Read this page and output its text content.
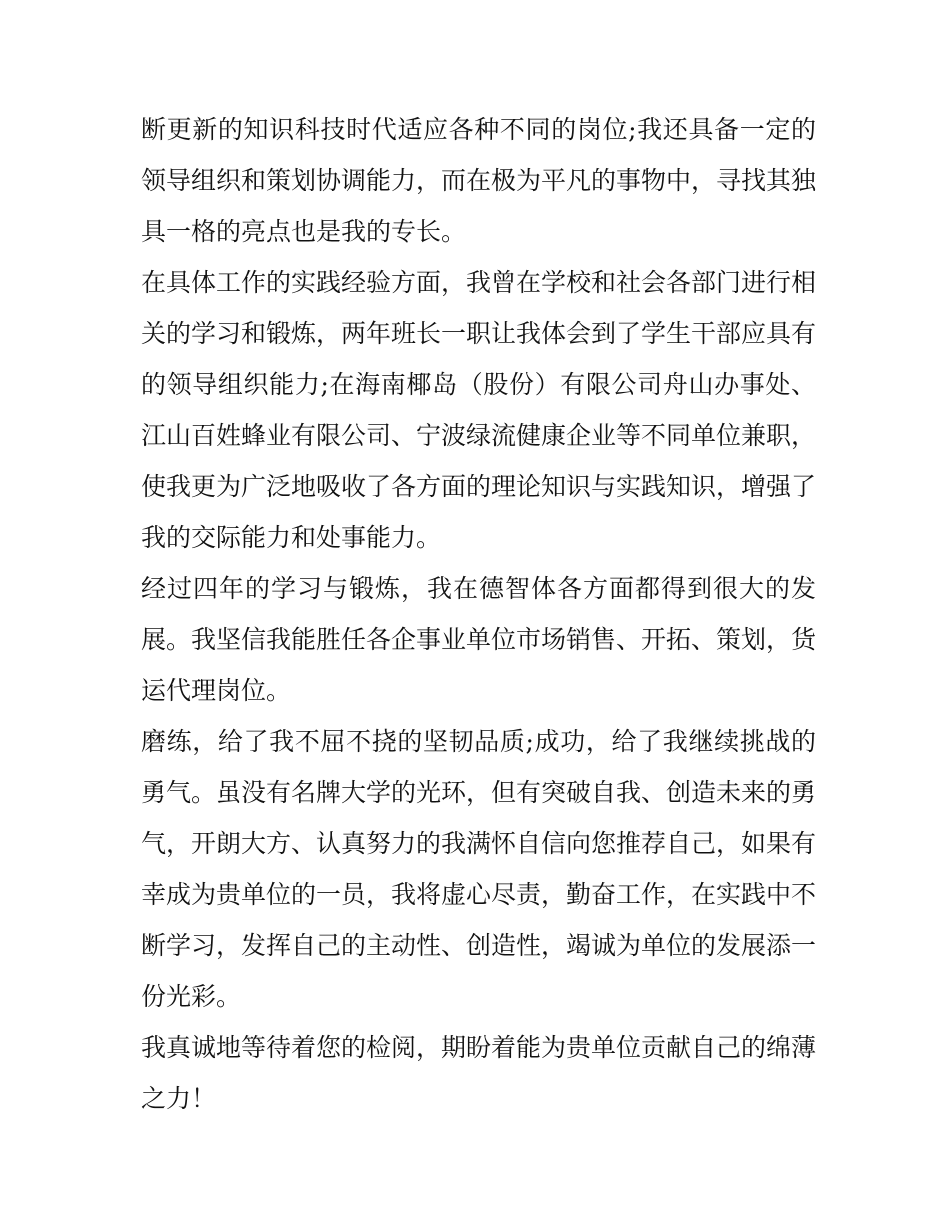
断更新的知识科技时代适应各种不同的岗位;我还具备一定的
领导组织和策划协调能力，而在极为平凡的事物中，寻找其独
具一格的亮点也是我的专长。
在具体工作的实践经验方面，我曾在学校和社会各部门进行相
关的学习和锻炼，两年班长一职让我体会到了学生干部应具有
的领导组织能力;在海南椰岛（股份）有限公司舟山办事处、
江山百姓蜂业有限公司、宁波绿流健康企业等不同单位兼职，
使我更为广泛地吸收了各方面的理论知识与实践知识，增强了
我的交际能力和处事能力。
经过四年的学习与锻炼，我在德智体各方面都得到很大的发
展。我坚信我能胜任各企事业单位市场销售、开拓、策划，货
运代理岗位。
磨练，给了我不屈不挠的坚韧品质;成功，给了我继续挑战的
勇气。虽没有名牌大学的光环，但有突破自我、创造未来的勇
气，开朗大方、认真努力的我满怀自信向您推荐自己，如果有
幸成为贵单位的一员，我将虚心尽责，勤奋工作，在实践中不
断学习，发挥自己的主动性、创造性，竭诚为单位的发展添一
份光彩。
我真诚地等待着您的检阅，期盼着能为贵单位贡献自己的绵薄
之力！
